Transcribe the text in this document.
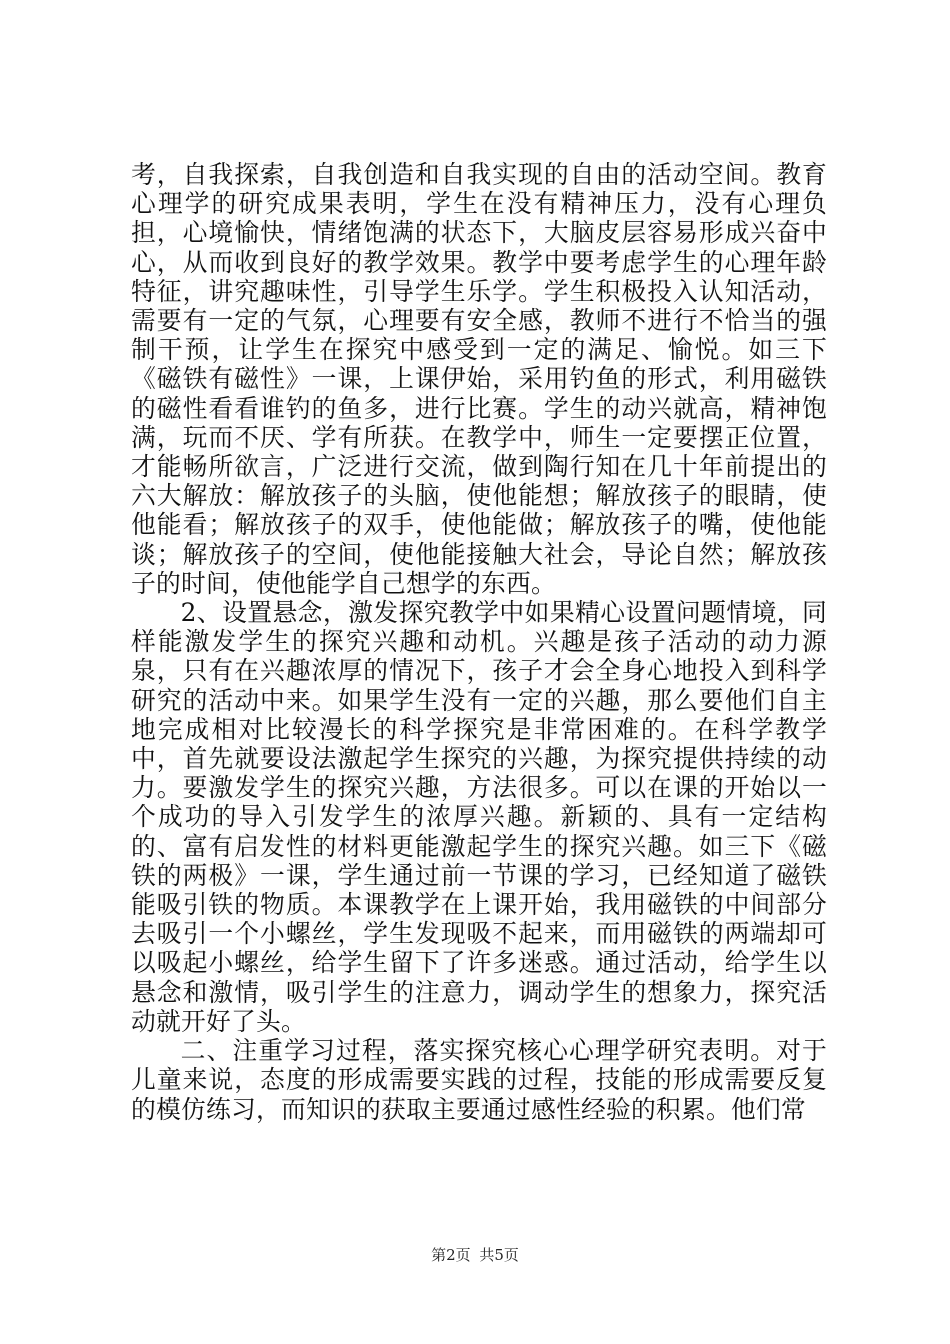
考，自我探索，自我创造和自我实现的自由的活动空间。教育心理学的研究成果表明，学生在没有精神压力，没有心理负担，心境愉快，情绪饱满的状态下，大脑皮层容易形成兴奋中心，从而收到良好的教学效果。教学中要考虑学生的心理年龄特征，讲究趣味性，引导学生乐学。学生积极投入认知活动，需要有一定的气氛，心理要有安全感，教师不进行不恰当的强制干预，让学生在探究中感受到一定的满足、愉悦。如三下《磁铁有磁性》一课，上课伊始，采用钓鱼的形式，利用磁铁的磁性看看谁钓的鱼多，进行比赛。学生的动兴就高，精神饱满，玩而不厌、学有所获。在教学中，师生一定要摆正位置，才能畅所欲言，广泛进行交流，做到陶行知在几十年前提出的六大解放：解放孩子的头脑，使他能想；解放孩子的眼睛，使他能看；解放孩子的双手，使他能做；解放孩子的嘴，使他能谈；解放孩子的空间，使他能接触大社会，导论自然；解放孩子的时间，使他能学自己想学的东西。

2、设置悬念，激发探究教学中如果精心设置问题情境，同样能激发学生的探究兴趣和动机。兴趣是孩子活动的动力源泉，只有在兴趣浓厚的情况下，孩子才会全身心地投入到科学研究的活动中来。如果学生没有一定的兴趣，那么要他们自主地完成相对比较漫长的科学探究是非常困难的。在科学教学中，首先就要设法激起学生探究的兴趣，为探究提供持续的动力。要激发学生的探究兴趣，方法很多。可以在课的开始以一个成功的导入引发学生的浓厚兴趣。新颖的、具有一定结构的、富有启发性的材料更能激起学生的探究兴趣。如三下《磁铁的两极》一课，学生通过前一节课的学习，已经知道了磁铁能吸引铁的物质。本课教学在上课开始，我用磁铁的中间部分去吸引一个小螺丝，学生发现吸不起来，而用磁铁的两端却可以吸起小螺丝，给学生留下了许多迷惑。通过活动，给学生以悬念和激情，吸引学生的注意力，调动学生的想象力，探究活动就开好了头。

二、注重学习过程，落实探究核心心理学研究表明。对于儿童来说，态度的形成需要实践的过程，技能的形成需要反复的模仿练习，而知识的获取主要通过感性经验的积累。他们常

第2页 共5页
